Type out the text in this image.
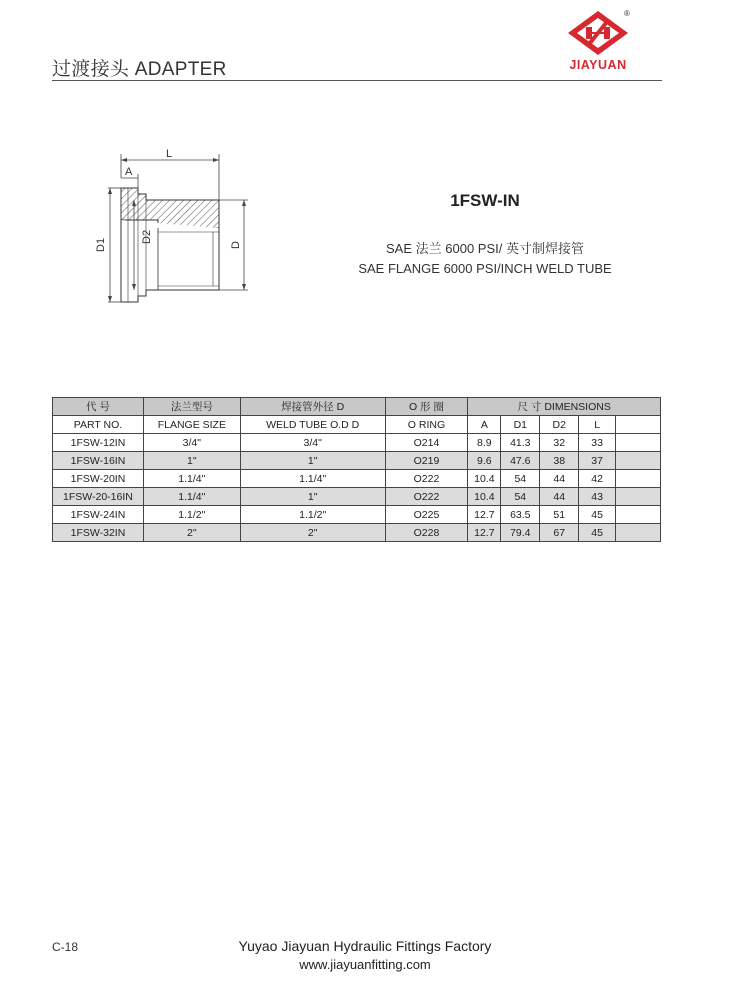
过渡接头 ADAPTER
®
JIAYUAN
L
A
D1
D2
D
1FSW-IN
SAE 法兰 6000 PSI/ 英寸制焊接管
SAE FLANGE 6000 PSI/INCH WELD TUBE
代 号	法兰型号	焊接管外径 D	O 形 圈	尺 寸 DIMENSIONS				
PART NO.	FLANGE SIZE	WELD TUBE O.D D	O RING	A	D1	D2	L	
1FSW-12IN	3/4"	3/4"	O214	8.9	41.3	32	33	
1FSW-16IN	1"	1"	O219	9.6	47.6	38	37	
1FSW-20IN	1.1/4"	1.1/4"	O222	10.4	54	44	42	
1FSW-20-16IN	1.1/4"	1"	O222	10.4	54	44	43	
1FSW-24IN	1.1/2"	1.1/2"	O225	12.7	63.5	51	45	
1FSW-32IN	2"	2"	O228	12.7	79.4	67	45	
C-18	Yuyao Jiayuan Hydraulic Fittings Factory
www.jiayuanfitting.com
